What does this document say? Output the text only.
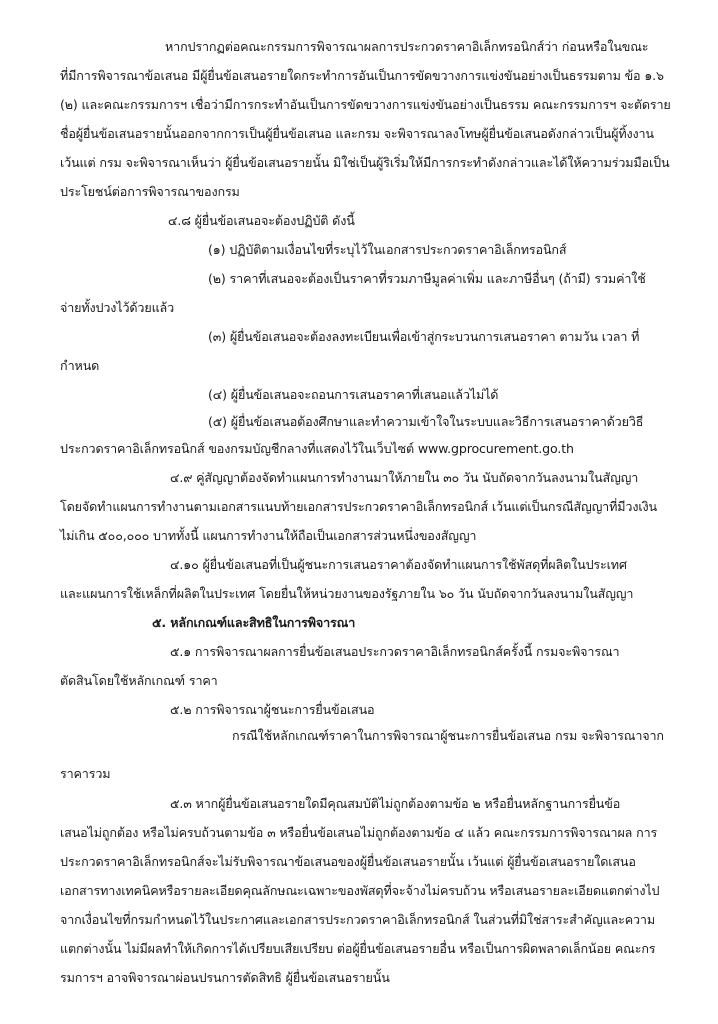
หากปรากฏต่อคณะกรรมการพิจารณาผลการประกวดราคาอิเล็กทรอนิกส์ว่า ก่อนหรือในขณะ
ที่มีการพิจารณาข้อเสนอ มีผู้ยื่นข้อเสนอรายใดกระทำการอันเป็นการขัดขวางการแข่งขันอย่างเป็นธรรมตาม ข้อ ๑.๖
(๒) และคณะกรรมการฯ เชื่อว่ามีการกระทำอันเป็นการขัดขวางการแข่งขันอย่างเป็นธรรม คณะกรรมการฯ จะตัดราย
ชื่อผู้ยื่นข้อเสนอรายนั้นออกจากการเป็นผู้ยื่นข้อเสนอ และกรม จะพิจารณาลงโทษผู้ยื่นข้อเสนอดังกล่าวเป็นผู้ทิ้งงาน
เว้นแต่ กรม จะพิจารณาเห็นว่า ผู้ยื่นข้อเสนอรายนั้น มิใช่เป็นผู้ริเริ่มให้มีการกระทำดังกล่าวและได้ให้ความร่วมมือเป็น
ประโยชน์ต่อการพิจารณาของกรม
๔.๘ ผู้ยื่นข้อเสนอจะต้องปฏิบัติ ดังนี้
(๑) ปฏิบัติตามเงื่อนไขที่ระบุไว้ในเอกสารประกวดราคาอิเล็กทรอนิกส์
(๒) ราคาที่เสนอจะต้องเป็นราคาที่รวมภาษีมูลค่าเพิ่ม และภาษีอื่นๆ (ถ้ามี) รวมค่าใช้
จ่ายทั้งปวงไว้ด้วยแล้ว
(๓) ผู้ยื่นข้อเสนอจะต้องลงทะเบียนเพื่อเข้าสู่กระบวนการเสนอราคา ตามวัน เวลา ที่
กำหนด
(๔) ผู้ยื่นข้อเสนอจะถอนการเสนอราคาที่เสนอแล้วไม่ได้
(๕) ผู้ยื่นข้อเสนอต้องศึกษาและทำความเข้าใจในระบบและวิธีการเสนอราคาด้วยวิธี
ประกวดราคาอิเล็กทรอนิกส์ ของกรมบัญชีกลางที่แสดงไว้ในเว็บไซต์ www.gprocurement.go.th
๔.๙ คู่สัญญาต้องจัดทำแผนการทำงานมาให้ภายใน ๓๐ วัน นับถัดจากวันลงนามในสัญญา
โดยจัดทำแผนการทำงานตามเอกสารแนบท้ายเอกสารประกวดราคาอิเล็กทรอนิกส์ เว้นแต่เป็นกรณีสัญญาที่มีวงเงิน
ไม่เกิน ๕๐๐,๐๐๐ บาททั้งนี้ แผนการทำงานให้ถือเป็นเอกสารส่วนหนึ่งของสัญญา
๔.๑๐ ผู้ยื่นข้อเสนอที่เป็นผู้ชนะการเสนอราคาต้องจัดทำแผนการใช้พัสดุที่ผลิตในประเทศ
และแผนการใช้เหล็กที่ผลิตในประเทศ โดยยื่นให้หน่วยงานของรัฐภายใน ๖๐ วัน นับถัดจากวันลงนามในสัญญา
๕. หลักเกณฑ์และสิทธิในการพิจารณา
๕.๑ การพิจารณาผลการยื่นข้อเสนอประกวดราคาอิเล็กทรอนิกส์ครั้งนี้ กรมจะพิจารณา
ตัดสินโดยใช้หลักเกณฑ์ ราคา
๕.๒ การพิจารณาผู้ชนะการยื่นข้อเสนอ
กรณีใช้หลักเกณฑ์ราคาในการพิจารณาผู้ชนะการยื่นข้อเสนอ กรม จะพิจารณาจาก
ราคารวม
๕.๓ หากผู้ยื่นข้อเสนอรายใดมีคุณสมบัติไม่ถูกต้องตามข้อ ๒ หรือยื่นหลักฐานการยื่นข้อ
เสนอไม่ถูกต้อง หรือไม่ครบถ้วนตามข้อ ๓ หรือยื่นข้อเสนอไม่ถูกต้องตามข้อ ๔ แล้ว คณะกรรมการพิจารณาผล การ
ประกวดราคาอิเล็กทรอนิกส์จะไม่รับพิจารณาข้อเสนอของผู้ยื่นข้อเสนอรายนั้น เว้นแต่ ผู้ยื่นข้อเสนอรายใดเสนอ
เอกสารทางเทคนิคหรือรายละเอียดคุณลักษณะเฉพาะของพัสดุที่จะจ้างไม่ครบถ้วน หรือเสนอรายละเอียดแตกต่างไป
จากเงื่อนไขที่กรมกำหนดไว้ในประกาศและเอกสารประกวดราคาอิเล็กทรอนิกส์ ในส่วนที่มิใช่สาระสำคัญและความ
แตกต่างนั้น ไม่มีผลทำให้เกิดการได้เปรียบเสียเปรียบ ต่อผู้ยื่นข้อเสนอรายอื่น หรือเป็นการผิดพลาดเล็กน้อย คณะกร
รมการฯ อาจพิจารณาผ่อนปรนการตัดสิทธิ ผู้ยื่นข้อเสนอรายนั้น
